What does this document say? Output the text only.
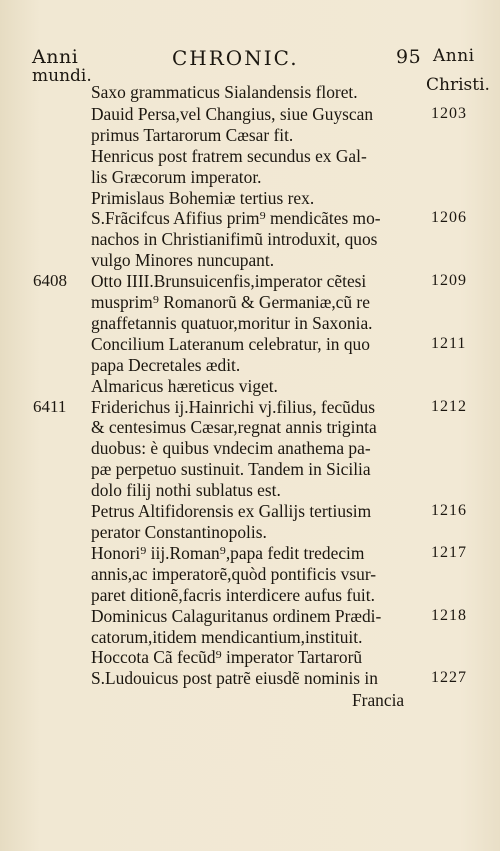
Anni
mundi.
CHRONIC.	95 Anni
Christi.
Saxo grammaticus Sialandensis floret.
Dauid Persa,vel Changius, siue Guyscan
primus Tartarorum Cæsar fit.
Henricus post fratrem secundus ex Gal-
lis Græcorum imperator.
Primislaus Bohemiæ tertius rex.
S.Frãcifcus Afifius prim⁹ mendicãtes mo-
nachos in Christianifimũ introduxit, quos
vulgo Minores nuncupant.
Otto IIII.Brunsuicenfis,imperator cẽtesi
musprim⁹ Romanorũ & Germaniæ,cũ re
gnaffetannis quatuor,moritur in Saxonia.
Concilium Lateranum celebratur, in quo
papa Decretales ædit.
Almaricus hæreticus viget.
Friderichus ij.Hainrichi vj.filius, fecũdus
& centesimus Cæsar,regnat annis triginta
duobus: è quibus vndecim anathema pa-
pæ perpetuo sustinuit. Tandem in Sicilia
dolo filij nothi sublatus est.
Petrus Altifidorensis ex Gallijs tertiusim
perator Constantinopolis.
Honori⁹ iij.Roman⁹,papa fedit tredecim
annis,ac imperatorẽ,quòd pontificis vsur-
paret ditionẽ,facris interdicere aufus fuit.
Dominicus Calaguritanus ordinem Prædi-
catorum,itidem mendicantium,instituit.
Hoccota Cã fecũd⁹ imperator Tartarorũ
S.Ludouicus post patrẽ eiusdẽ nominis in
6408
6411
1203
1206
1209
1211
1212
1216
1217
1218
1227
Francia
